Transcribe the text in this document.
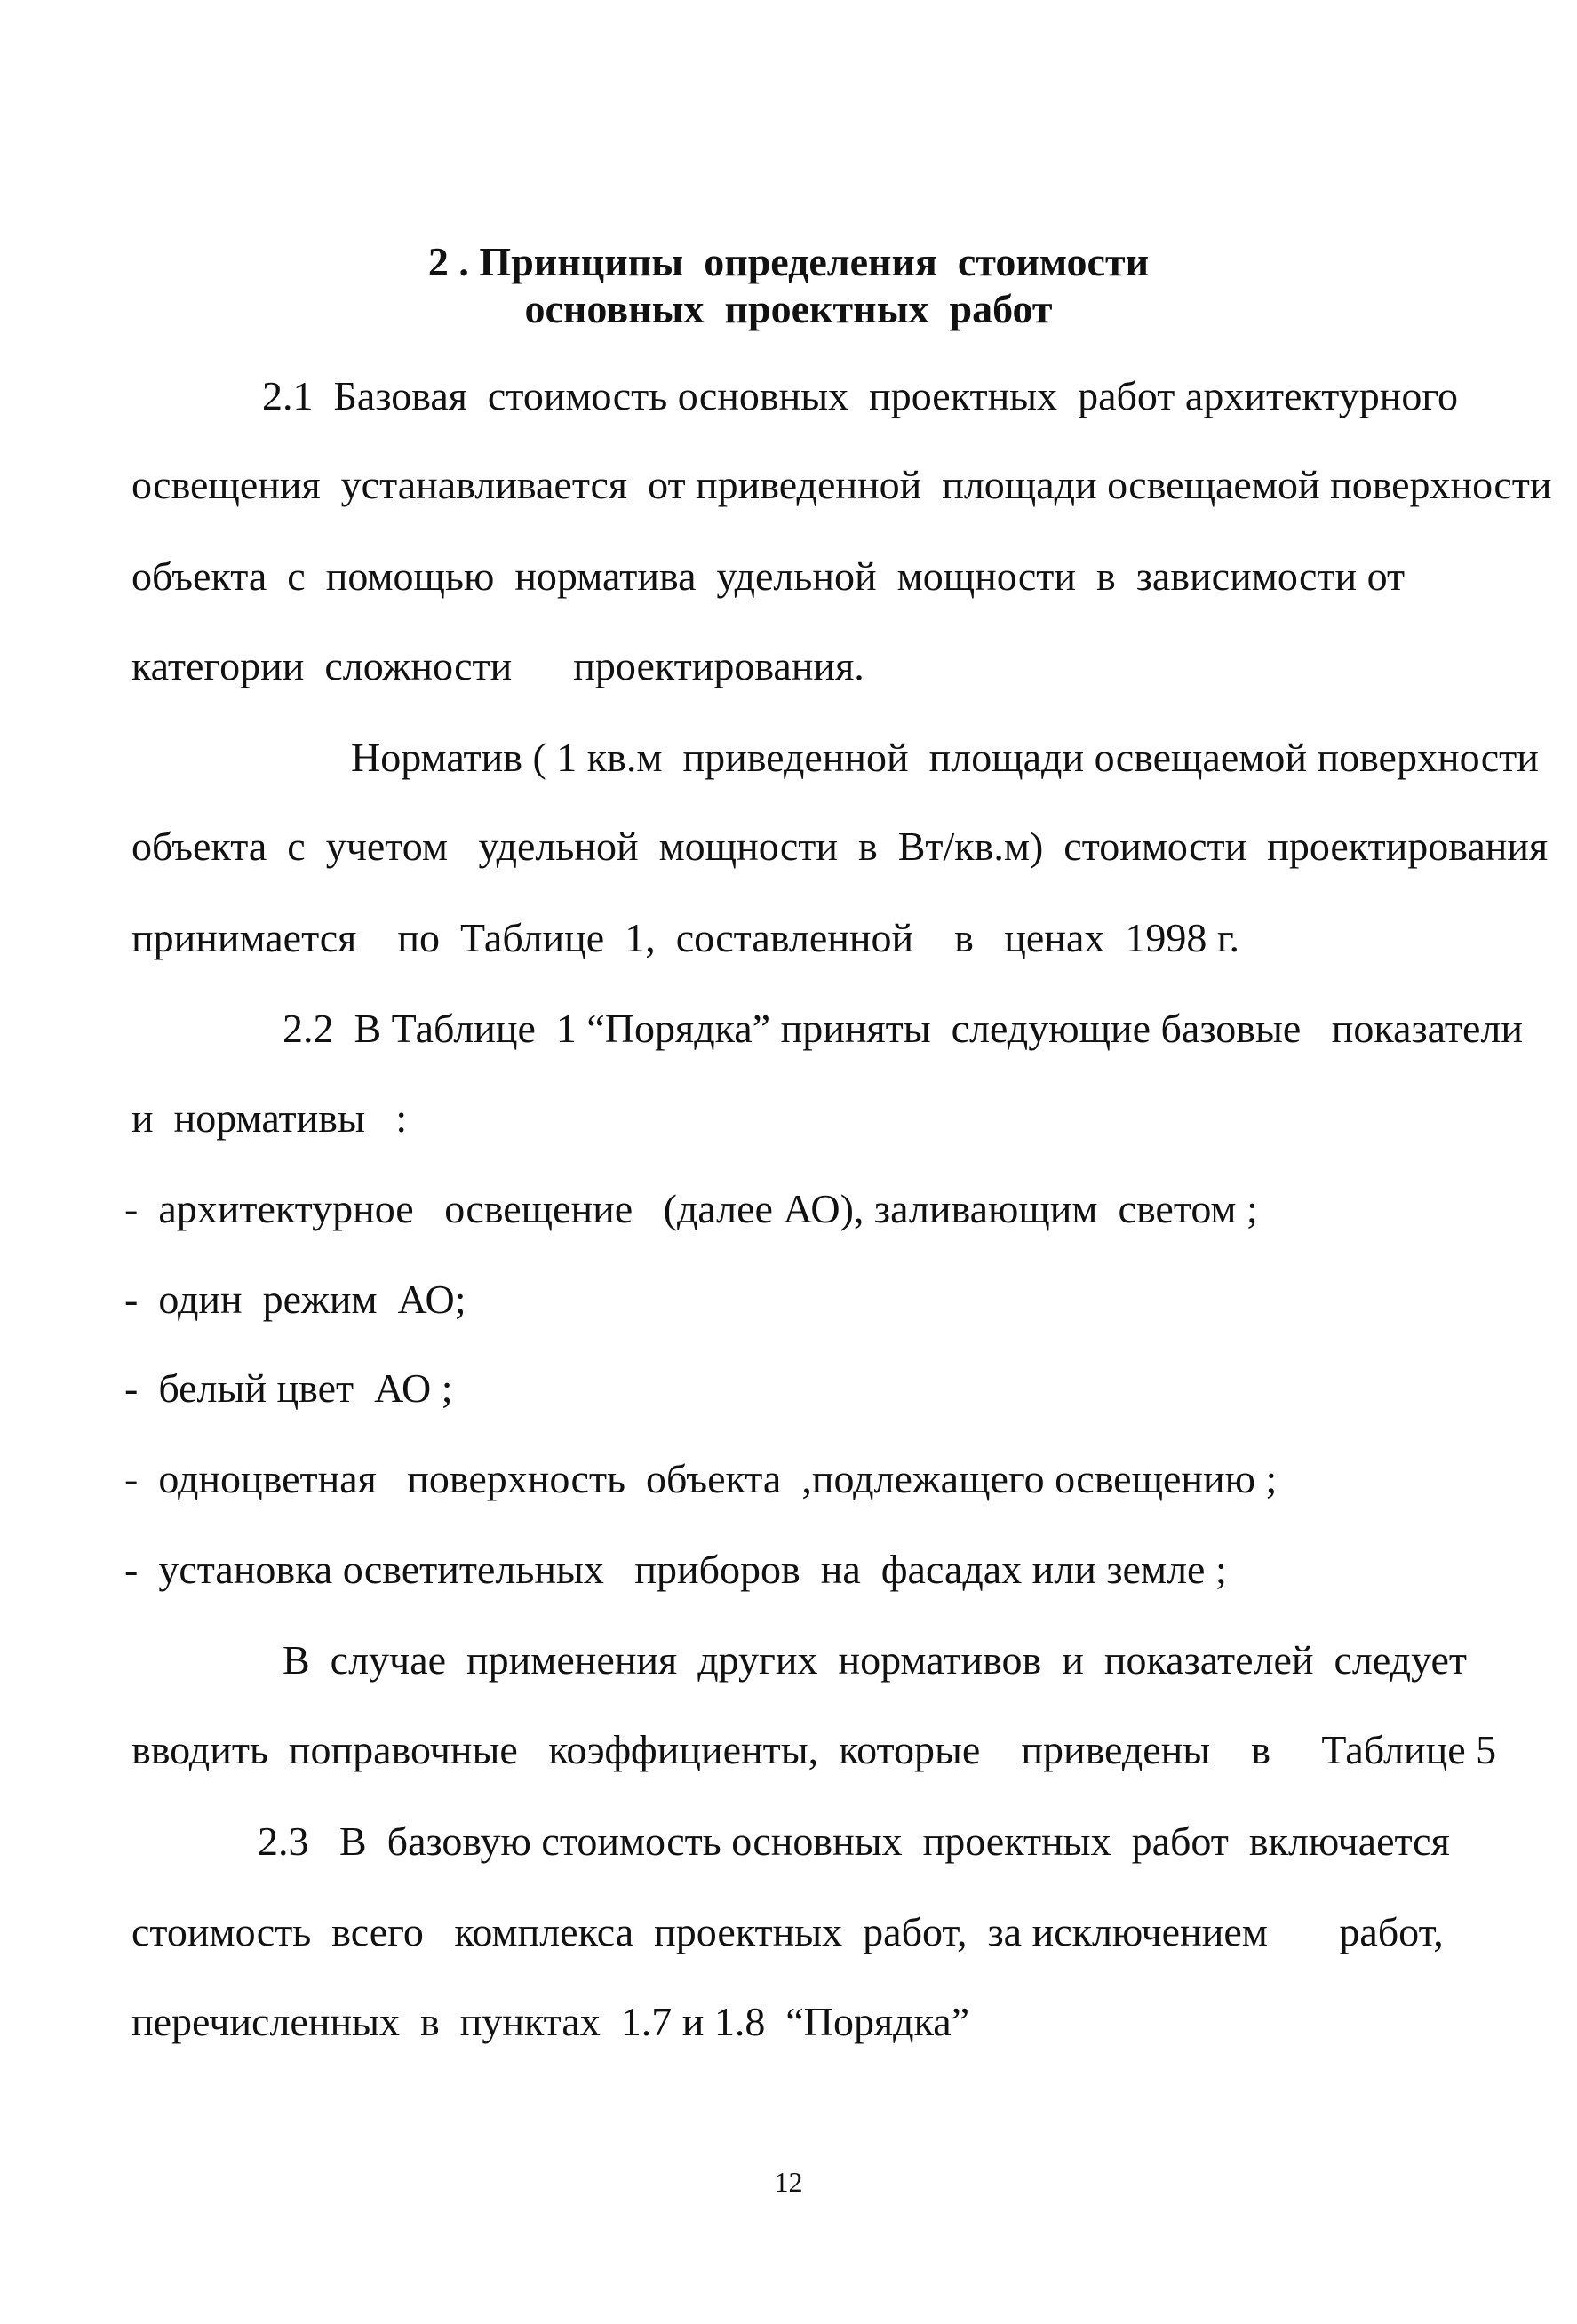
2 . Принципы  определения  стоимости
основных  проектных  работ
2.1  Базовая  стоимость основных  проектных  работ архитектурного
освещения  устанавливается  от приведенной  площади освещаемой поверхности
объекта  с  помощью  норматива  удельной  мощности  в  зависимости от
категории  сложности      проектирования.
Норматив ( 1 кв.м  приведенной  площади освещаемой поверхности
объекта  с  учетом   удельной  мощности  в  Вт/кв.м)  стоимости  проектирования
принимается    по  Таблице  1,  составленной    в   ценах  1998 г.
2.2  В Таблице  1 “Порядка” приняты  следующие базовые   показатели
и  нормативы   :
-  архитектурное   освещение   (далее АО), заливающим  светом ;
-  один  режим  АО;
-  белый цвет  АО ;
-  одноцветная   поверхность  объекта  ,подлежащего освещению ;
-  установка осветительных   приборов  на  фасадах или земле ;
В  случае  применения  других  нормативов  и  показателей  следует
вводить  поправочные   коэффициенты,  которые    приведены    в     Таблице 5
2.3   В  базовую стоимость основных  проектных  работ  включается
стоимость  всего   комплекса  проектных  работ,  за исключением       работ,
перечисленных  в  пунктах  1.7 и 1.8  “Порядка”
12
